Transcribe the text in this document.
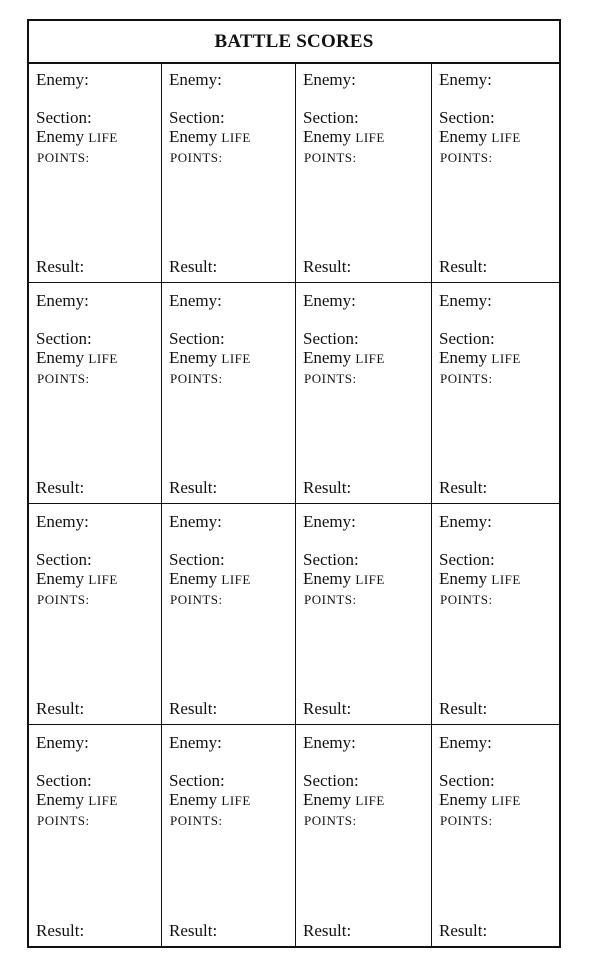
BATTLE SCORES
Enemy:
Section:
Enemy LIFE
POINTS:
Result:
Enemy:
Section:
Enemy LIFE
POINTS:
Result:
Enemy:
Section:
Enemy LIFE
POINTS:
Result:
Enemy:
Section:
Enemy LIFE
POINTS:
Result:
Enemy:
Section:
Enemy LIFE
POINTS:
Result:
Enemy:
Section:
Enemy LIFE
POINTS:
Result:
Enemy:
Section:
Enemy LIFE
POINTS:
Result:
Enemy:
Section:
Enemy LIFE
POINTS:
Result:
Enemy:
Section:
Enemy LIFE
POINTS:
Result:
Enemy:
Section:
Enemy LIFE
POINTS:
Result:
Enemy:
Section:
Enemy LIFE
POINTS:
Result:
Enemy:
Section:
Enemy LIFE
POINTS:
Result:
Enemy:
Section:
Enemy LIFE
POINTS:
Result:
Enemy:
Section:
Enemy LIFE
POINTS:
Result:
Enemy:
Section:
Enemy LIFE
POINTS:
Result:
Enemy:
Section:
Enemy LIFE
POINTS:
Result:
